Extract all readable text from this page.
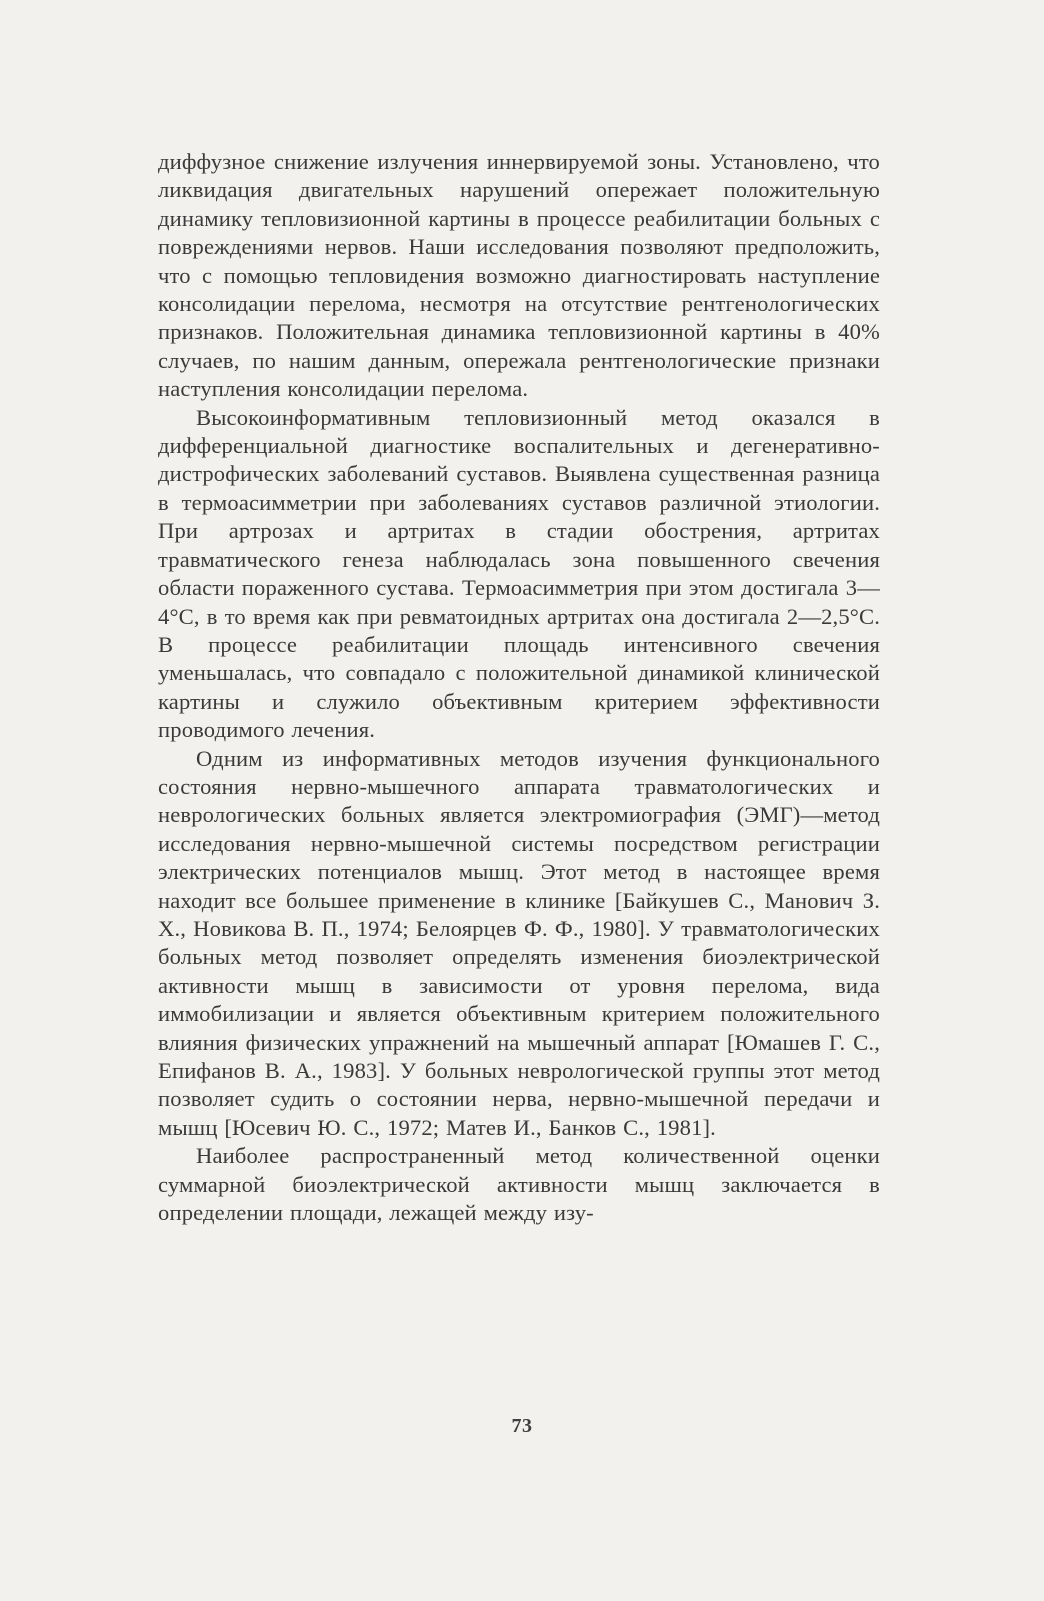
диффузное снижение излучения иннервируемой зоны. Установлено, что ликвидация двигательных нарушений опережает положительную динамику тепловизионной картины в процессе реабилитации больных с повреждениями нервов. Наши исследования позволяют предположить, что с помощью тепловидения возможно диагностировать наступление консолидации перелома, несмотря на отсутствие рентгенологических признаков. Положительная динамика тепловизионной картины в 40% случаев, по нашим данным, опережала рентгенологические признаки наступления консолидации перелома.

Высокоинформативным тепловизионный метод оказался в дифференциальной диагностике воспалительных и дегенеративно-дистрофических заболеваний суставов. Выявлена существенная разница в термоасимметрии при заболеваниях суставов различной этиологии. При артрозах и артритах в стадии обострения, артритах травматического генеза наблюдалась зона повышенного свечения области пораженного сустава. Термоасимметрия при этом достигала 3—4°С, в то время как при ревматоидных артритах она достигала 2—2,5°С. В процессе реабилитации площадь интенсивного свечения уменьшалась, что совпадало с положительной динамикой клинической картины и служило объективным критерием эффективности проводимого лечения.

Одним из информативных методов изучения функционального состояния нервно-мышечного аппарата травматологических и неврологических больных является электромиография (ЭМГ)—метод исследования нервно-мышечной системы посредством регистрации электрических потенциалов мышц. Этот метод в настоящее время находит все большее применение в клинике [Байкушев С., Манович З. Х., Новикова В. П., 1974; Белоярцев Ф. Ф., 1980]. У травматологических больных метод позволяет определять изменения биоэлектрической активности мышц в зависимости от уровня перелома, вида иммобилизации и является объективным критерием положительного влияния физических упражнений на мышечный аппарат [Юмашев Г. С., Епифанов В. А., 1983]. У больных неврологической группы этот метод позволяет судить о состоянии нерва, нервно-мышечной передачи и мышц [Юсевич Ю. С., 1972; Матев И., Банков С., 1981].

Наиболее распространенный метод количественной оценки суммарной биоэлектрической активности мышц заключается в определении площади, лежащей между изу-

73
